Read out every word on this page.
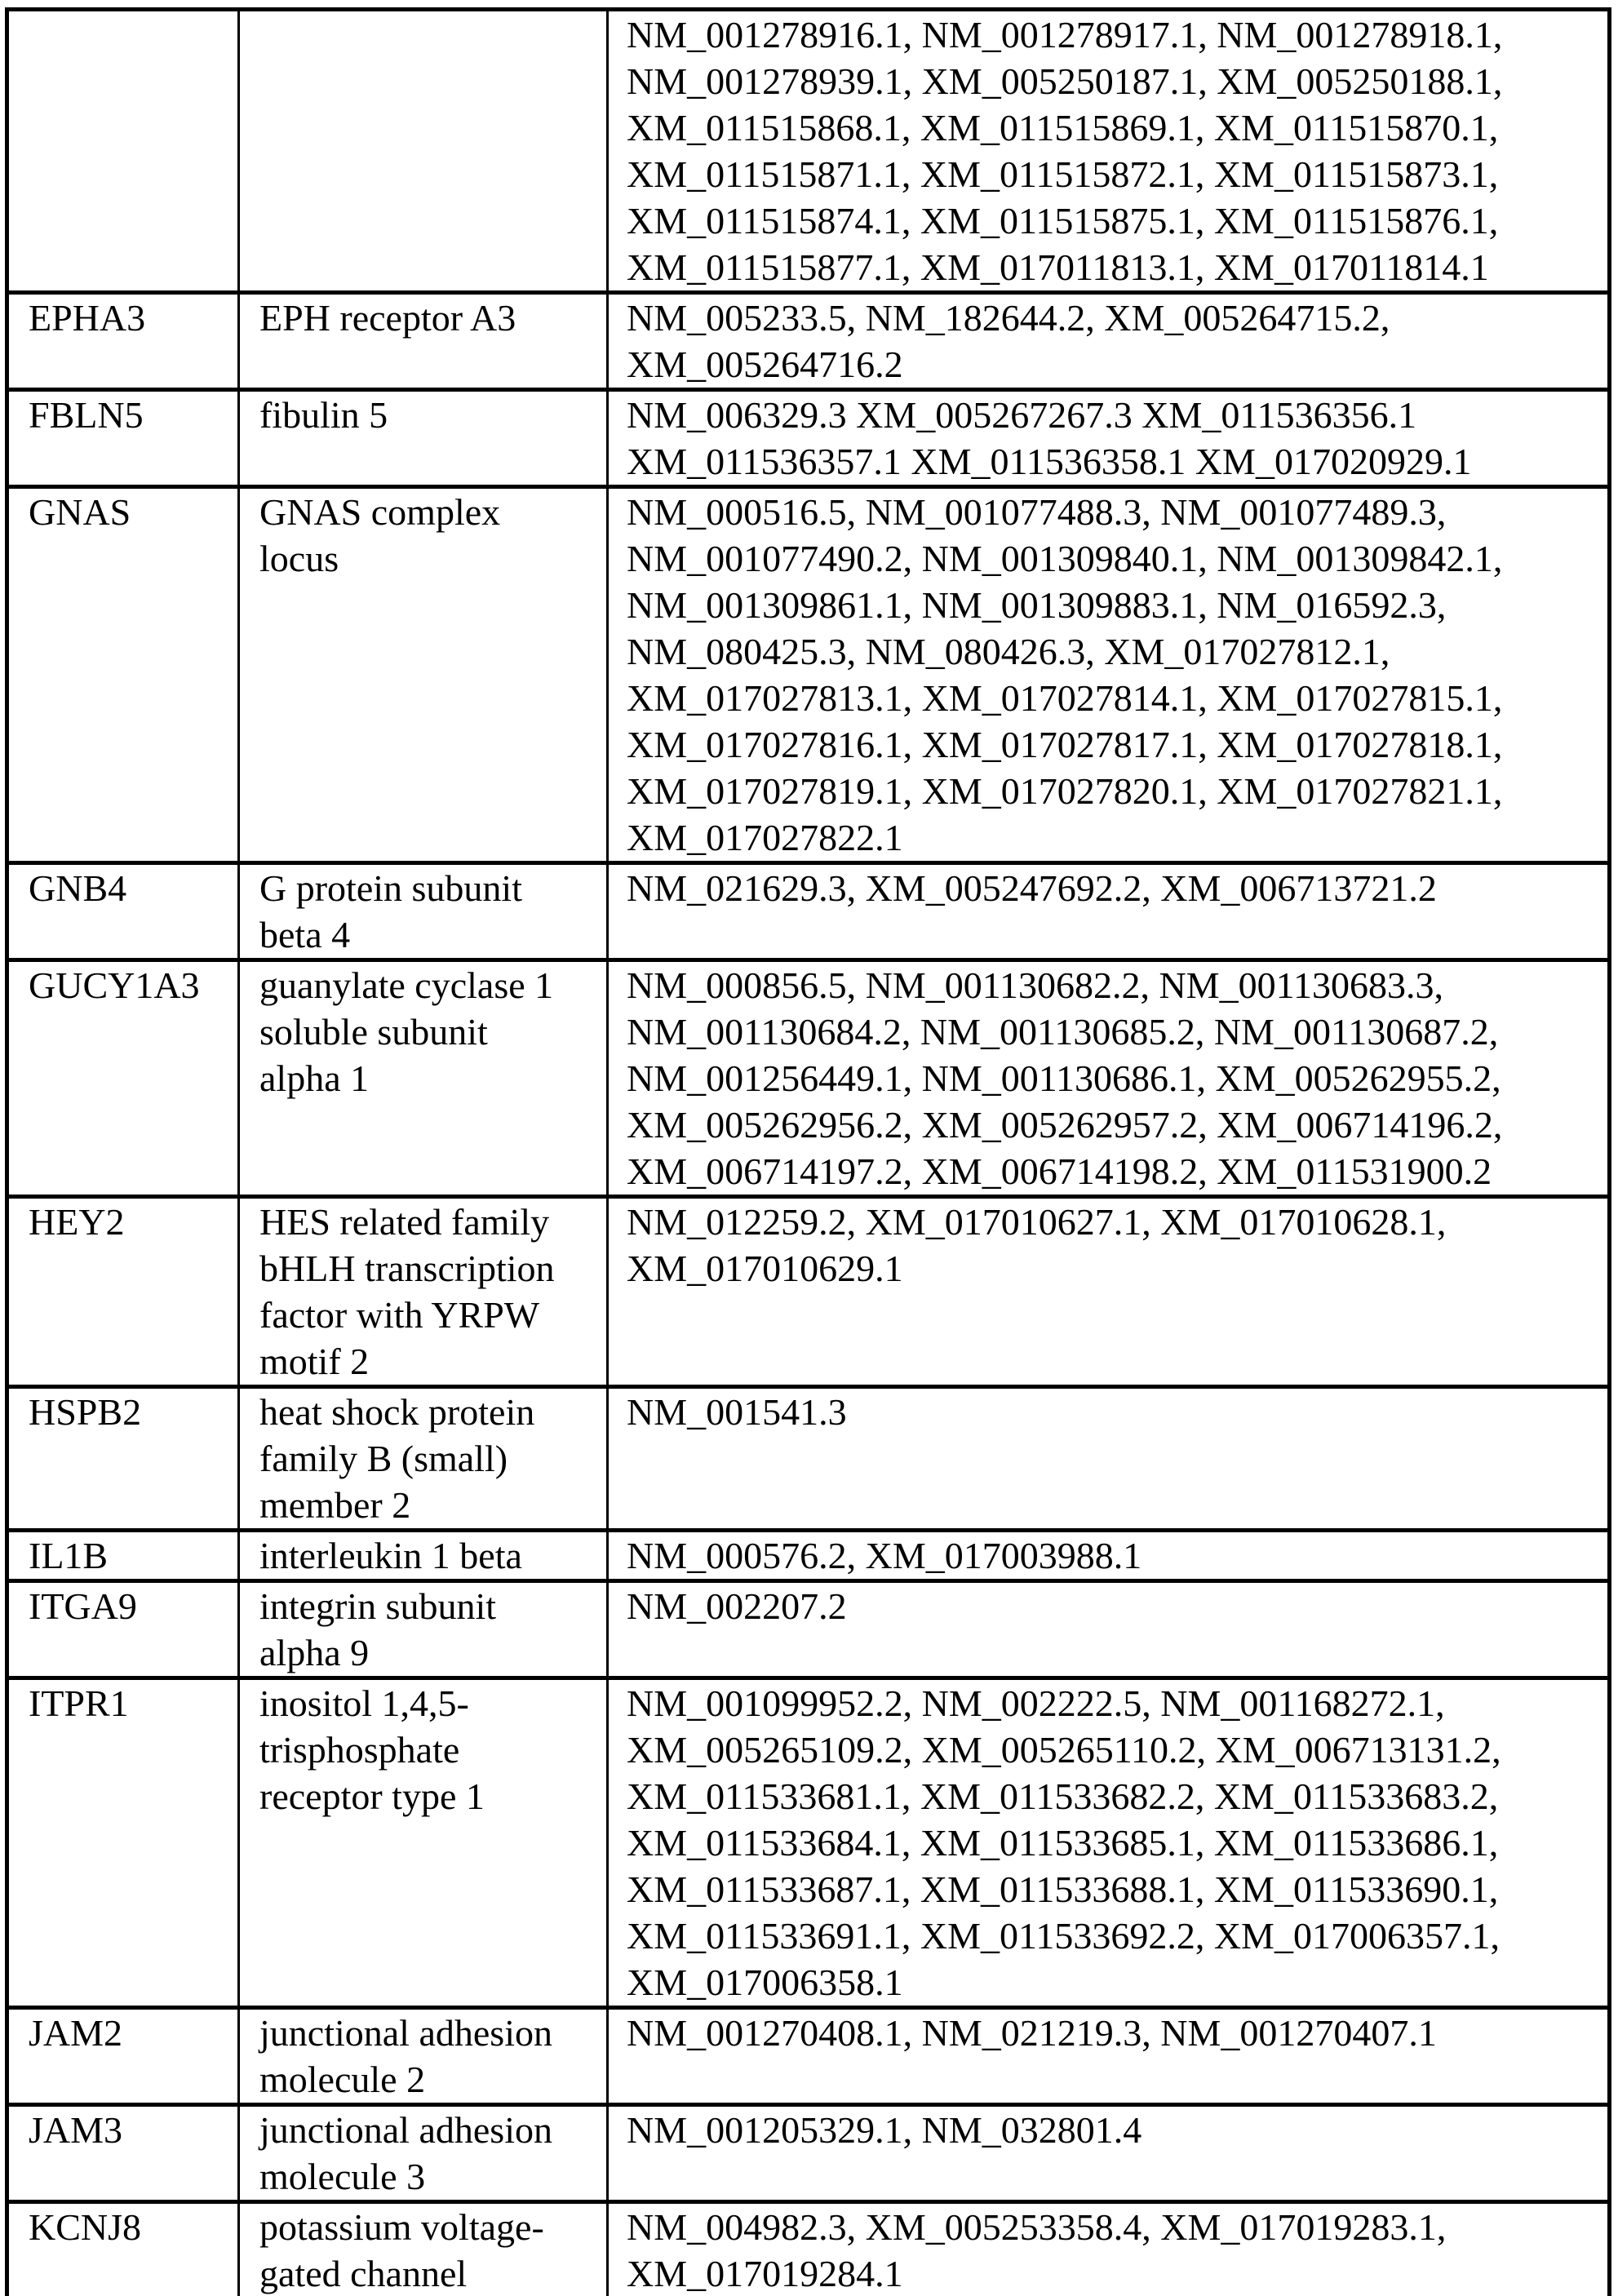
		NM_001278916.1, NM_001278917.1, NM_001278918.1,
NM_001278939.1, XM_005250187.1, XM_005250188.1,
XM_011515868.1, XM_011515869.1, XM_011515870.1,
XM_011515871.1, XM_011515872.1, XM_011515873.1,
XM_011515874.1, XM_011515875.1, XM_011515876.1,
XM_011515877.1, XM_017011813.1, XM_017011814.1
EPHA3	EPH receptor A3	NM_005233.5, NM_182644.2, XM_005264715.2,
XM_005264716.2
FBLN5	fibulin 5	NM_006329.3 XM_005267267.3 XM_011536356.1
XM_011536357.1 XM_011536358.1 XM_017020929.1
GNAS	GNAS complex
locus	NM_000516.5, NM_001077488.3, NM_001077489.3,
NM_001077490.2, NM_001309840.1, NM_001309842.1,
NM_001309861.1, NM_001309883.1, NM_016592.3,
NM_080425.3, NM_080426.3, XM_017027812.1,
XM_017027813.1, XM_017027814.1, XM_017027815.1,
XM_017027816.1, XM_017027817.1, XM_017027818.1,
XM_017027819.1, XM_017027820.1, XM_017027821.1,
XM_017027822.1
GNB4	G protein subunit
beta 4	NM_021629.3, XM_005247692.2, XM_006713721.2
GUCY1A3	guanylate cyclase 1
soluble subunit
alpha 1	NM_000856.5, NM_001130682.2, NM_001130683.3,
NM_001130684.2, NM_001130685.2, NM_001130687.2,
NM_001256449.1, NM_001130686.1, XM_005262955.2,
XM_005262956.2, XM_005262957.2, XM_006714196.2,
XM_006714197.2, XM_006714198.2, XM_011531900.2
HEY2	HES related family
bHLH transcription
factor with YRPW
motif 2	NM_012259.2, XM_017010627.1, XM_017010628.1,
XM_017010629.1
HSPB2	heat shock protein
family B (small)
member 2	NM_001541.3
IL1B	interleukin 1 beta	NM_000576.2, XM_017003988.1
ITGA9	integrin subunit
alpha 9	NM_002207.2
ITPR1	inositol 1,4,5-
trisphosphate
receptor type 1	NM_001099952.2, NM_002222.5, NM_001168272.1,
XM_005265109.2, XM_005265110.2, XM_006713131.2,
XM_011533681.1, XM_011533682.2, XM_011533683.2,
XM_011533684.1, XM_011533685.1, XM_011533686.1,
XM_011533687.1, XM_011533688.1, XM_011533690.1,
XM_011533691.1, XM_011533692.2, XM_017006357.1,
XM_017006358.1
JAM2	junctional adhesion
molecule 2	NM_001270408.1, NM_021219.3, NM_001270407.1
JAM3	junctional adhesion
molecule 3	NM_001205329.1, NM_032801.4
KCNJ8	potassium voltage-
gated channel	NM_004982.3, XM_005253358.4, XM_017019283.1,
XM_017019284.1
